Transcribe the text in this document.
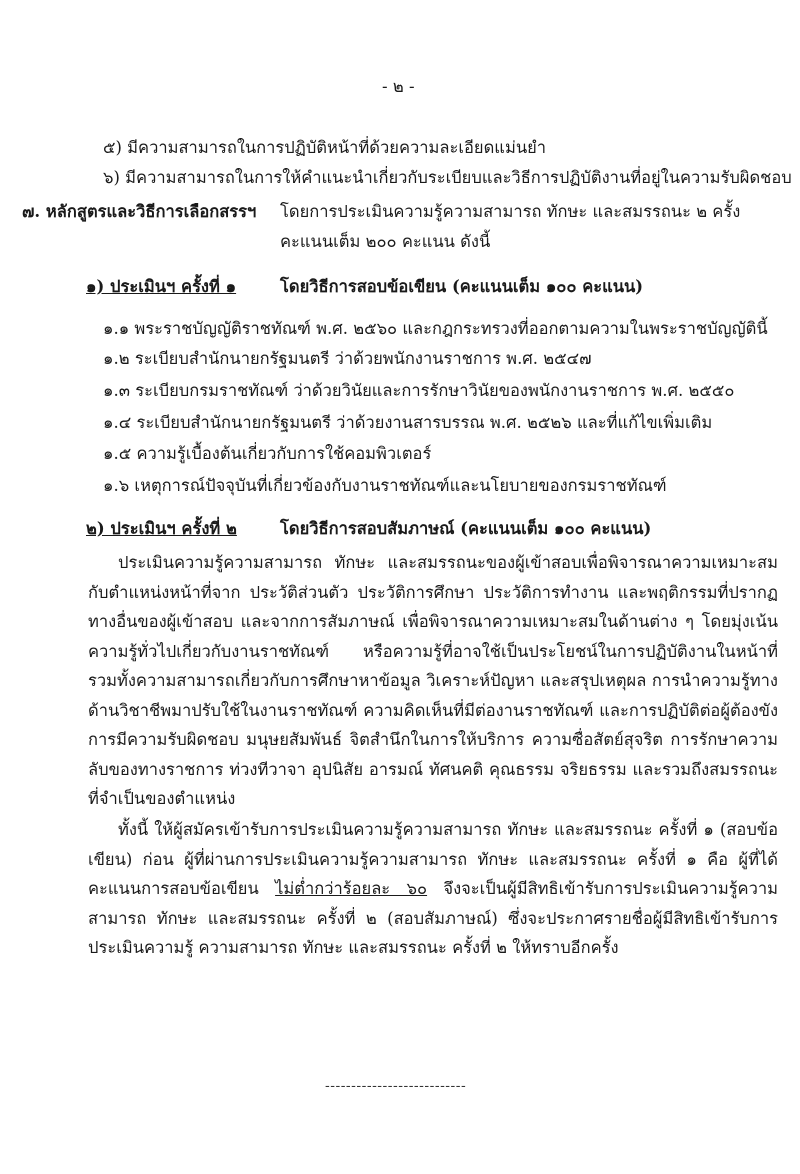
- ๒ -
๕) มีความสามารถในการปฏิบัติหน้าที่ด้วยความละเอียดแม่นยำ
๖) มีความสามารถในการให้คำแนะนำเกี่ยวกับระเบียบและวิธีการปฏิบัติงานที่อยู่ในความรับผิดชอบ
๗. หลักสูตรและวิธีการเลือกสรรฯ โดยการประเมินความรู้ความสามารถ ทักษะ และสมรรถนะ ๒ ครั้ง
คะแนนเต็ม ๒๐๐ คะแนน ดังนี้
๑) ประเมินฯ ครั้งที่ ๑	โดยวิธีการสอบข้อเขียน (คะแนนเต็ม ๑๐๐ คะแนน)
๑.๑ พระราชบัญญัติราชทัณฑ์ พ.ศ. ๒๕๖๐ และกฎกระทรวงที่ออกตามความในพระราชบัญญัตินี้
๑.๒ ระเบียบสำนักนายกรัฐมนตรี ว่าด้วยพนักงานราชการ พ.ศ. ๒๕๔๗
๑.๓ ระเบียบกรมราชทัณฑ์ ว่าด้วยวินัยและการรักษาวินัยของพนักงานราชการ พ.ศ. ๒๕๕๐
๑.๔ ระเบียบสำนักนายกรัฐมนตรี ว่าด้วยงานสารบรรณ พ.ศ. ๒๕๒๖ และที่แก้ไขเพิ่มเติม
๑.๕ ความรู้เบื้องต้นเกี่ยวกับการใช้คอมพิวเตอร์
๑.๖ เหตุการณ์ปัจจุบันที่เกี่ยวข้องกับงานราชทัณฑ์และนโยบายของกรมราชทัณฑ์
๒) ประเมินฯ ครั้งที่ ๒	โดยวิธีการสอบสัมภาษณ์ (คะแนนเต็ม ๑๐๐ คะแนน)
ประเมินความรู้ความสามารถ ทักษะ และสมรรถนะของผู้เข้าสอบเพื่อพิจารณาความเหมาะสมกับตำแหน่งหน้าที่จาก ประวัติส่วนตัว ประวัติการศึกษา ประวัติการทำงาน และพฤติกรรมที่ปรากฏทางอื่นของผู้เข้าสอบ และจากการสัมภาษณ์ เพื่อพิจารณาความเหมาะสมในด้านต่าง ๆ โดยมุ่งเน้นความรู้ทั่วไปเกี่ยวกับงานราชทัณฑ์ หรือความรู้ที่อาจใช้เป็นประโยชน์ในการปฏิบัติงานในหน้าที่ รวมทั้งความสามารถเกี่ยวกับการศึกษาหาข้อมูล วิเคราะห์ปัญหา และสรุปเหตุผล การนำความรู้ทางด้านวิชาชีพมาปรับใช้ในงานราชทัณฑ์ ความคิดเห็นที่มีต่องานราชทัณฑ์ และการปฏิบัติต่อผู้ต้องขัง การมีความรับผิดชอบ มนุษยสัมพันธ์ จิตสำนึกในการให้บริการ ความซื่อสัตย์สุจริต การรักษาความลับของทางราชการ ท่วงทีวาจา อุปนิสัย อารมณ์ ทัศนคติ คุณธรรม จริยธรรม และรวมถึงสมรรถนะที่จำเป็นของตำแหน่ง
ทั้งนี้ ให้ผู้สมัครเข้ารับการประเมินความรู้ความสามารถ ทักษะ และสมรรถนะ ครั้งที่ ๑ (สอบข้อเขียน) ก่อน ผู้ที่ผ่านการประเมินความรู้ความสามารถ ทักษะ และสมรรถนะ ครั้งที่ ๑ คือ ผู้ที่ได้คะแนนการสอบข้อเขียน ไม่ต่ำกว่าร้อยละ ๖๐ จึงจะเป็นผู้มีสิทธิเข้ารับการประเมินความรู้ความสามารถ ทักษะ และสมรรถนะ ครั้งที่ ๒ (สอบสัมภาษณ์) ซึ่งจะประกาศรายชื่อผู้มีสิทธิเข้ารับการประเมินความรู้ ความสามารถ ทักษะ และสมรรถนะ ครั้งที่ ๒ ให้ทราบอีกครั้ง
---------------------------
